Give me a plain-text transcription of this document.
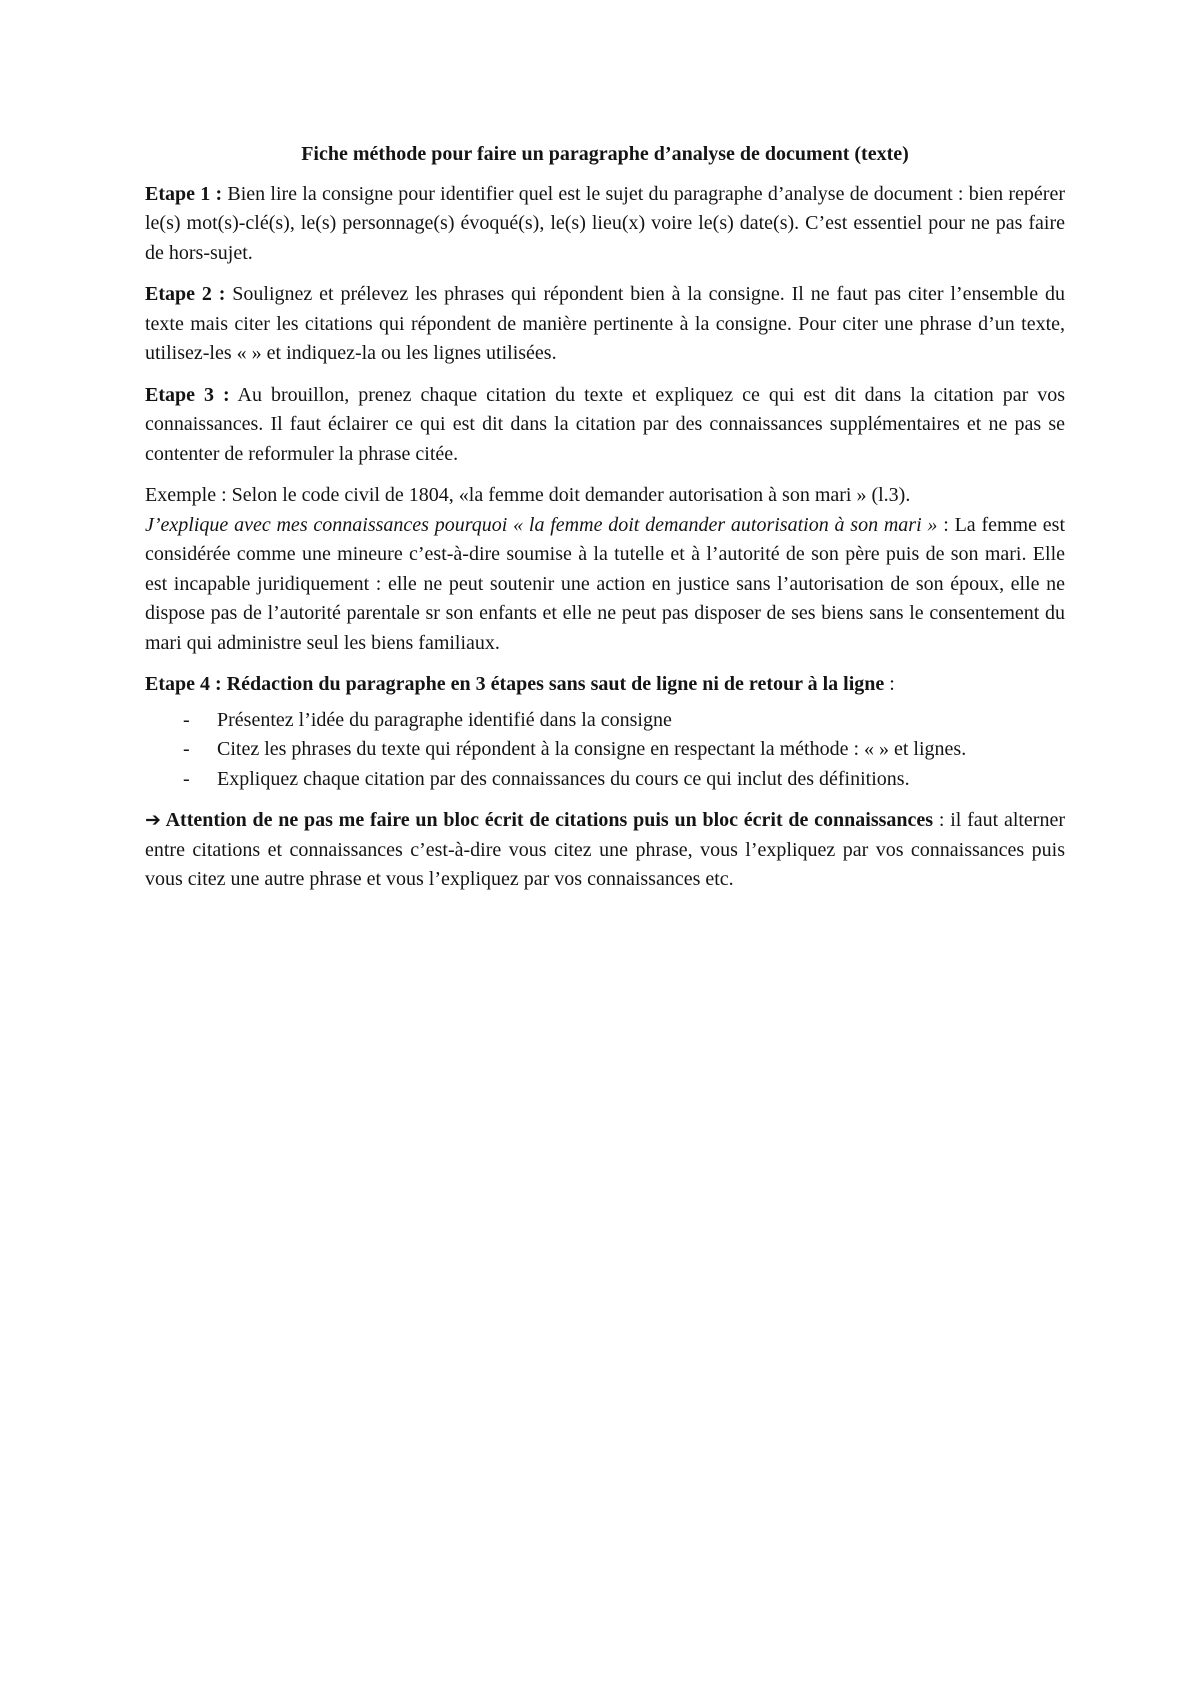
Fiche méthode pour faire un paragraphe d’analyse de document (texte)

Etape 1 : Bien lire la consigne pour identifier quel est le sujet du paragraphe d’analyse de document : bien repérer le(s) mot(s)-clé(s), le(s) personnage(s) évoqué(s), le(s) lieu(x) voire le(s) date(s). C’est essentiel pour ne pas faire de hors-sujet.

Etape 2 : Soulignez et prélevez les phrases qui répondent bien à la consigne. Il ne faut pas citer l’ensemble du texte mais citer les citations qui répondent de manière pertinente à la consigne. Pour citer une phrase d’un texte, utilisez-les « » et indiquez-la ou les lignes utilisées.

Etape 3 : Au brouillon, prenez chaque citation du texte et expliquez ce qui est dit dans la citation par vos connaissances. Il faut éclairer ce qui est dit dans la citation par des connaissances supplémentaires et ne pas se contenter de reformuler la phrase citée.

Exemple : Selon le code civil de 1804, «la femme doit demander autorisation à son mari » (l.3).
J’explique avec mes connaissances pourquoi « la femme doit demander autorisation à son mari » : La femme est considérée comme une mineure c’est-à-dire soumise à la tutelle et à l’autorité de son père puis de son mari. Elle est incapable juridiquement : elle ne peut soutenir une action en justice sans l’autorisation de son époux, elle ne dispose pas de l’autorité parentale sr son enfants et elle ne peut pas disposer de ses biens sans le consentement du mari qui administre seul les biens familiaux.

Etape 4 : Rédaction du paragraphe en 3 étapes sans saut de ligne ni de retour à la ligne :

- Présentez l’idée du paragraphe identifié dans la consigne
- Citez les phrases du texte qui répondent à la consigne en respectant la méthode : « » et lignes.
- Expliquez chaque citation par des connaissances du cours ce qui inclut des définitions.

➔ Attention de ne pas me faire un bloc écrit de citations puis un bloc écrit de connaissances : il faut alterner entre citations et connaissances c’est-à-dire vous citez une phrase, vous l’expliquez par vos connaissances puis vous citez une autre phrase et vous l’expliquez par vos connaissances etc.
